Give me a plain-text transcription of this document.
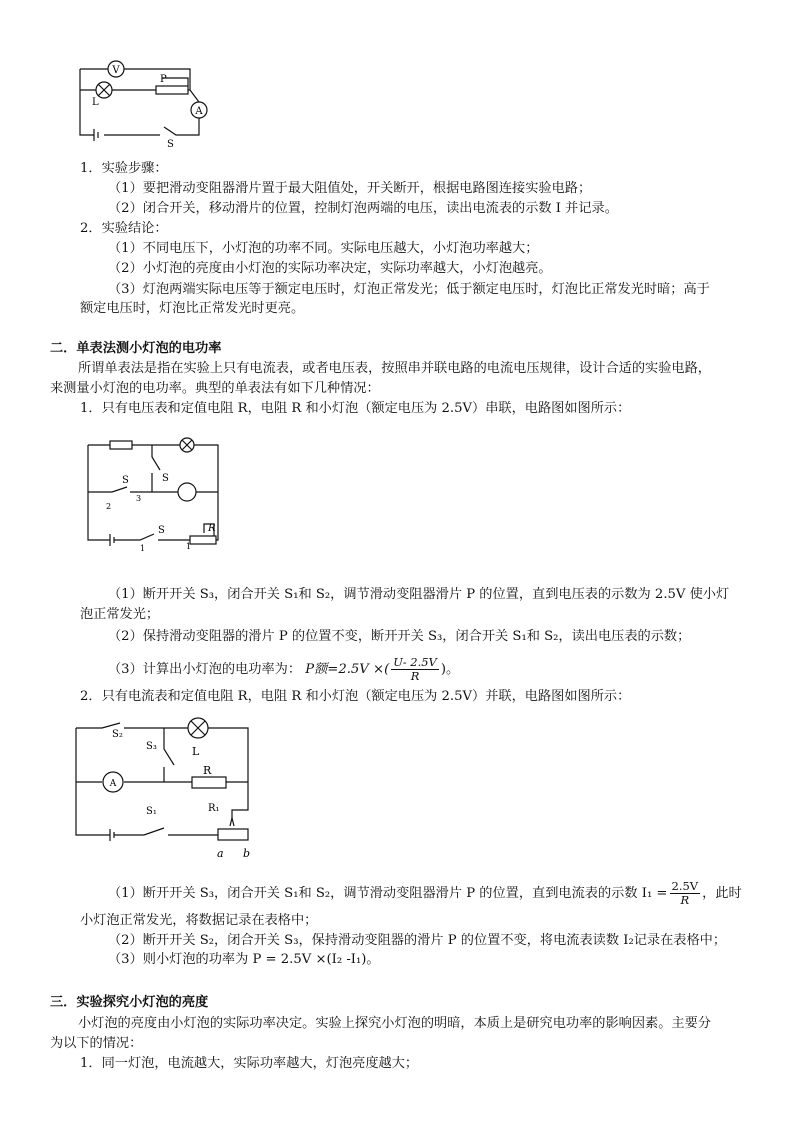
V
P
L
A
S
1．实验步骤：
（1）要把滑动变阻器滑片置于最大阻值处，开关断开，根据电路图连接实验电路；
（2）闭合开关，移动滑片的位置，控制灯泡两端的电压，读出电流表的示数 I 并记录。
2．实验结论：
（1）不同电压下，小灯泡的功率不同。实际电压越大，小灯泡功率越大；
（2）小灯泡的亮度由小灯泡的实际功率决定，实际功率越大，小灯泡越亮。
（3）灯泡两端实际电压等于额定电压时，灯泡正常发光；低于额定电压时，灯泡比正常发光时暗；高于
额定电压时，灯泡比正常发光时更亮。
二．单表法测小灯泡的电功率
所谓单表法是指在实验上只有电流表，或者电压表，按照串并联电路的电流电压规律，设计合适的实验电路，
来测量小灯泡的电功率。典型的单表法有如下几种情况：
1．只有电压表和定值电阻 R，电阻 R 和小灯泡（额定电压为 2.5V）串联，电路图如图所示：
S	S
3
2
S
1	1
R
（1）断开开关 S₃，闭合开关 S₁和 S₂，调节滑动变阻器滑片 P 的位置，直到电压表的示数为 2.5V 使小灯
泡正常发光；
（2）保持滑动变阻器的滑片 P 的位置不变，断开开关 S₃，闭合开关 S₁和 S₂，读出电压表的示数；
（3）计算出小灯泡的电功率为： P额=2.5V ×( $\frac{U- 2.5V}{R}$ )。
2．只有电流表和定值电阻 R，电阻 R 和小灯泡（额定电压为 2.5V）并联，电路图如图所示：
S₂
S₃	L
A
R
S₁	R₁
a b
（1）断开开关 S₃，闭合开关 S₁和 S₂，调节滑动变阻器滑片 P 的位置，直到电流表的示数 $I_1 = \frac{2.5V}{R}$ ，此时
小灯泡正常发光，将数据记录在表格中；
（2）断开开关 S₂，闭合开关 S₃，保持滑动变阻器的滑片 P 的位置不变，将电流表读数 I₂记录在表格中；
（3）则小灯泡的功率为 P = 2.5V ×(I₂ -I₁)。
三．实验探究小灯泡的亮度
小灯泡的亮度由小灯泡的实际功率决定。实验上探究小灯泡的明暗，本质上是研究电功率的影响因素。主要分
为以下的情况：
1．同一灯泡，电流越大，实际功率越大，灯泡亮度越大；
